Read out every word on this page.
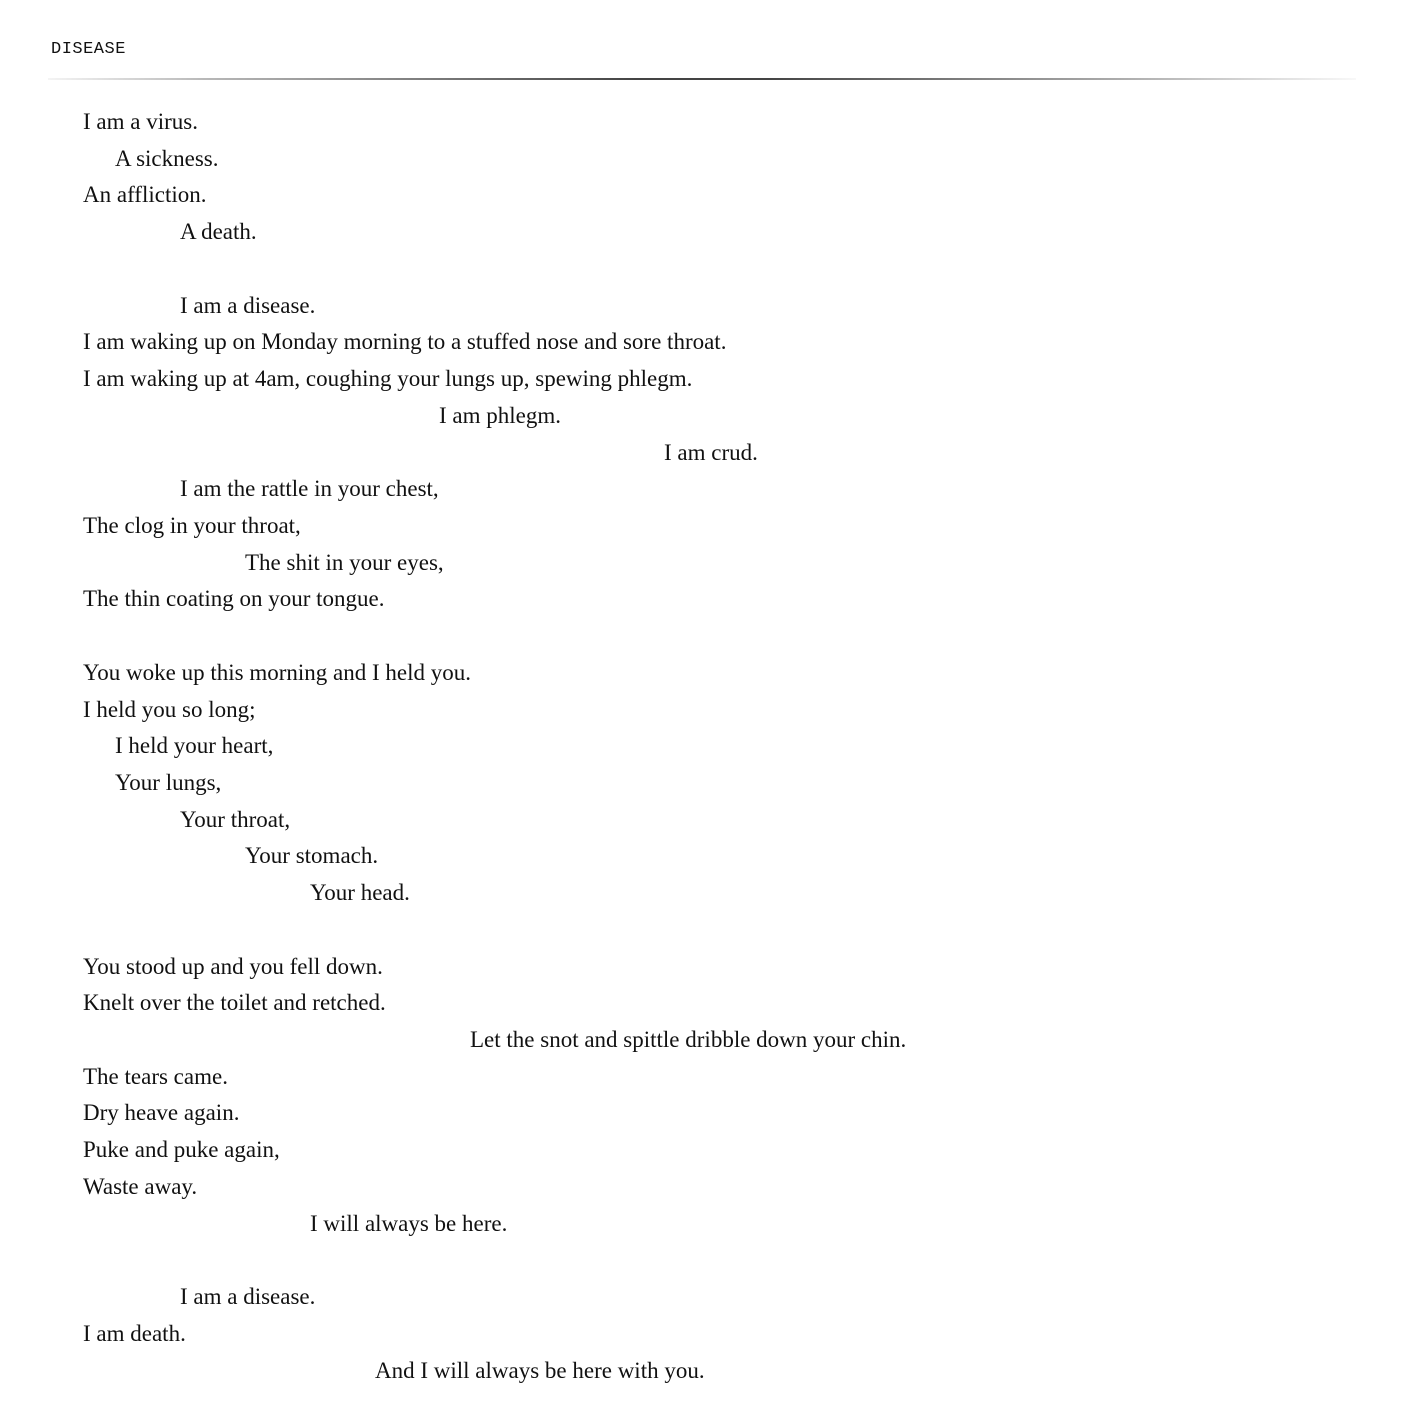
DISEASE
I am a virus.
A sickness.
An affliction.
A death.
I am a disease.
I am waking up on Monday morning to a stuffed nose and sore throat.
I am waking up at 4am, coughing your lungs up, spewing phlegm.
I am phlegm.
I am crud.
I am the rattle in your chest,
The clog in your throat,
The shit in your eyes,
The thin coating on your tongue.
You woke up this morning and I held you.
I held you so long;
I held your heart,
Your lungs,
Your throat,
Your stomach.
Your head.
You stood up and you fell down.
Knelt over the toilet and retched.
Let the snot and spittle dribble down your chin.
The tears came.
Dry heave again.
Puke and puke again,
Waste away.
I will always be here.
I am a disease.
I am death.
And I will always be here with you.
